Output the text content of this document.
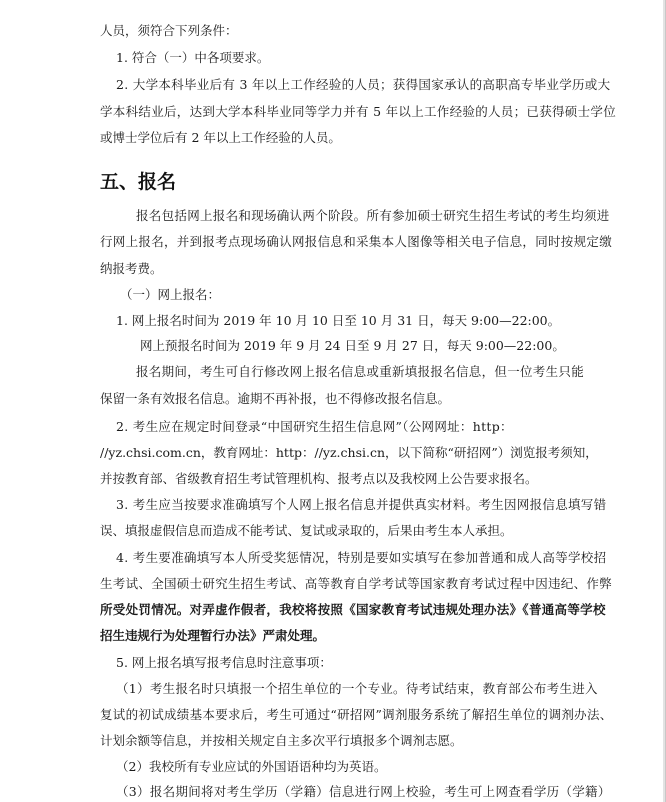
人员，须符合下列条件：
1. 符合（一）中各项要求。
2. 大学本科毕业后有 3 年以上工作经验的人员；获得国家承认的高职高专毕业学历或大
学本科结业后，达到大学本科毕业同等学力并有 5 年以上工作经验的人员；已获得硕士学位
或博士学位后有 2 年以上工作经验的人员。
五、报名
报名包括网上报名和现场确认两个阶段。所有参加硕士研究生招生考试的考生均须进
行网上报名，并到报考点现场确认网报信息和采集本人图像等相关电子信息，同时按规定缴
纳报考费。
（一）网上报名：
1. 网上报名时间为 2019 年 10 月 10 日至 10 月 31 日，每天 9:00—22:00。
网上预报名时间为 2019 年 9 月 24 日至 9 月 27 日，每天 9:00—22:00。
报名期间，考生可自行修改网上报名信息或重新填报报名信息，但一位考生只能
保留一条有效报名信息。逾期不再补报，也不得修改报名信息。
2. 考生应在规定时间登录“中国研究生招生信息网”（公网网址：http：
//yz.chsi.com.cn，教育网址：http：//yz.chsi.cn，以下简称“研招网”）浏览报考须知，
并按教育部、省级教育招生考试管理机构、报考点以及我校网上公告要求报名。
3. 考生应当按要求准确填写个人网上报名信息并提供真实材料。考生因网报信息填写错
误、填报虚假信息而造成不能考试、复试或录取的，后果由考生本人承担。
4. 考生要准确填写本人所受奖惩情况，特别是要如实填写在参加普通和成人高等学校招
生考试、全国硕士研究生招生考试、高等教育自学考试等国家教育考试过程中因违纪、作弊
所受处罚情况。对弄虚作假者，我校将按照《国家教育考试违规处理办法》《普通高等学校
招生违规行为处理暂行办法》严肃处理。
5. 网上报名填写报考信息时注意事项：
（1）考生报名时只填报一个招生单位的一个专业。待考试结束，教育部公布考生进入
复试的初试成绩基本要求后，考生可通过“研招网”调剂服务系统了解招生单位的调剂办法、
计划余额等信息，并按相关规定自主多次平行填报多个调剂志愿。
（2）我校所有专业应试的外国语语种均为英语。
（3）报名期间将对考生学历（学籍）信息进行网上校验，考生可上网查看学历（学籍）
